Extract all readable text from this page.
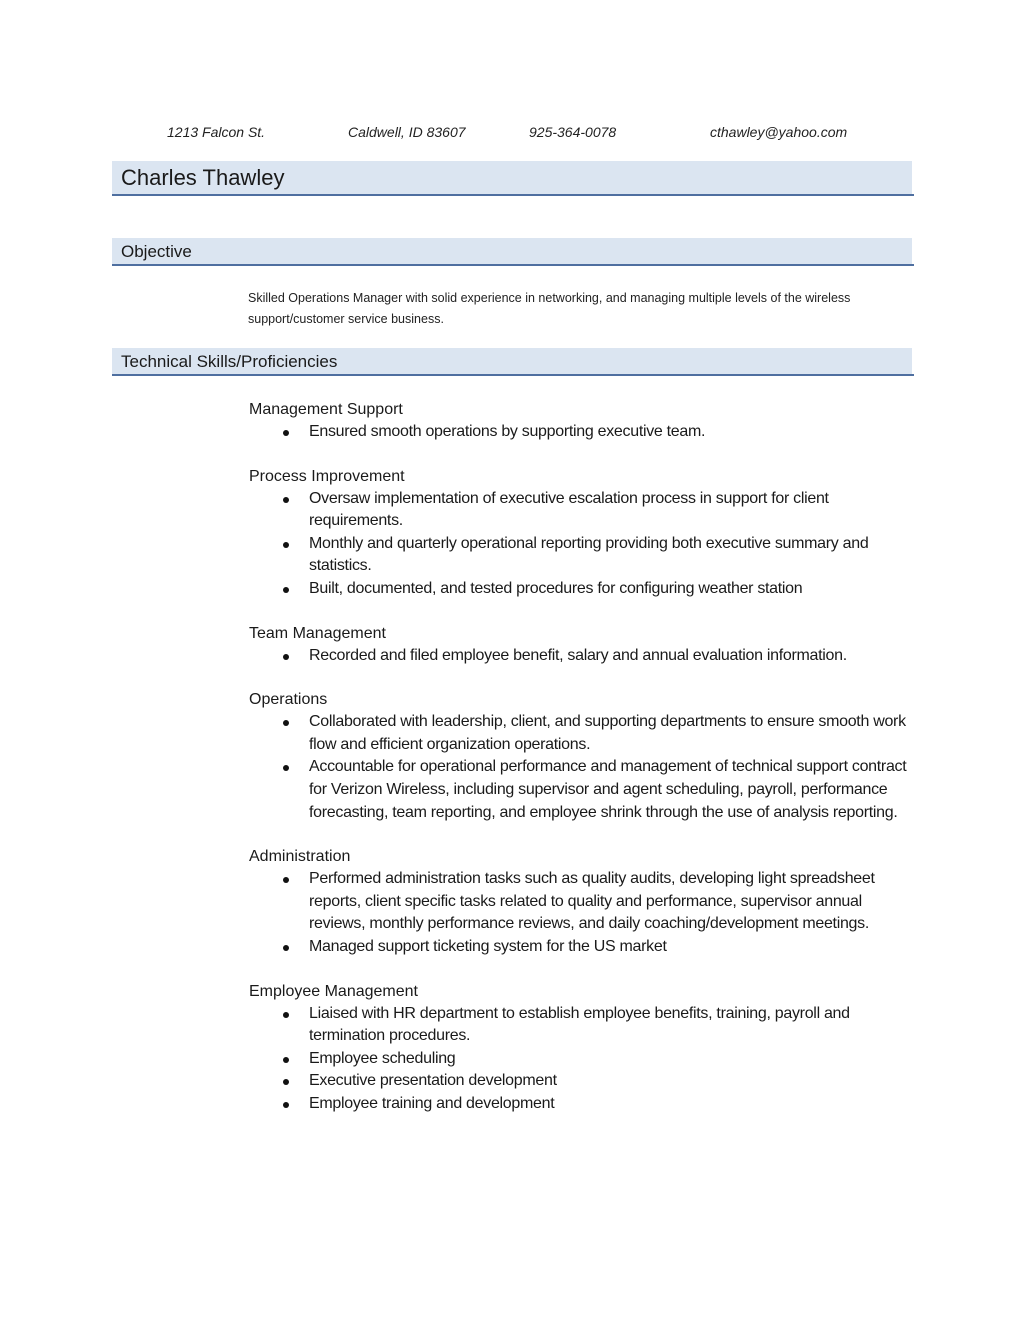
1213 Falcon St.	Caldwell, ID 83607	925-364-0078	cthawley@yahoo.com
Charles Thawley
Objective
Skilled Operations Manager with solid experience in networking, and managing multiple levels of the wireless support/customer service business.
Technical Skills/Proficiencies
Management Support
Ensured smooth operations by supporting executive team.
Process Improvement
Oversaw implementation of executive escalation process in support for client requirements.
Monthly and quarterly operational reporting providing both executive summary and statistics.
Built, documented, and tested procedures for configuring weather station
Team Management
Recorded and filed employee benefit, salary and annual evaluation information.
Operations
Collaborated with leadership, client, and supporting departments to ensure smooth work flow and efficient organization operations.
Accountable for operational performance and management of technical support contract for Verizon Wireless, including supervisor and agent scheduling, payroll, performance forecasting, team reporting, and employee shrink through the use of analysis reporting.
Administration
Performed administration tasks such as quality audits, developing light spreadsheet reports, client specific tasks related to quality and performance, supervisor annual reviews, monthly performance reviews, and daily coaching/development meetings.
Managed support ticketing system for the US market
Employee Management
Liaised with HR department to establish employee benefits, training, payroll and termination procedures.
Employee scheduling
Executive presentation development
Employee training and development
